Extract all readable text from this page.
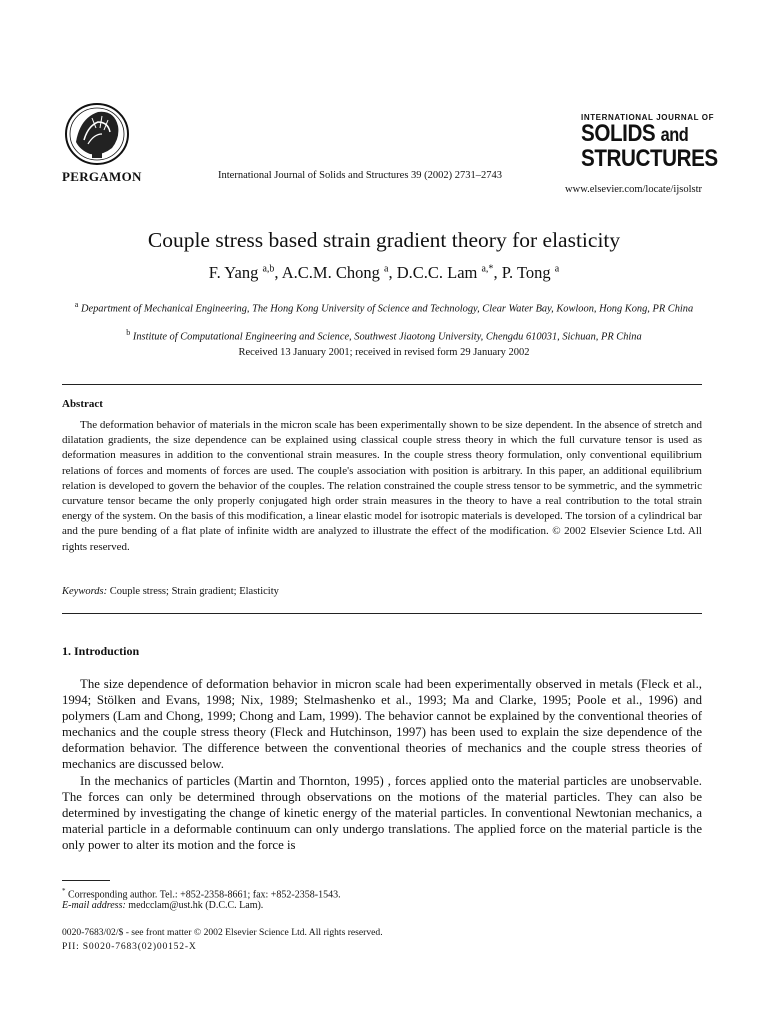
PERGAMON	International Journal of Solids and Structures 39 (2002) 2731–2743
INTERNATIONAL JOURNAL OF
SOLIDS and
STRUCTURES
www.elsevier.com/locate/ijsolstr
Couple stress based strain gradient theory for elasticity
F. Yang $^{a,b}$, A.C.M. Chong $^a$, D.C.C. Lam $^{a,*}$, P. Tong $^a$
$^a$ Department of Mechanical Engineering, The Hong Kong University of Science and Technology, Clear Water Bay, Kowloon, Hong Kong, PR China
$^b$ Institute of Computational Engineering and Science, Southwest Jiaotong University, Chengdu 610031, Sichuan, PR China
Received 13 January 2001; received in revised form 29 January 2002
Abstract
The deformation behavior of materials in the micron scale has been experimentally shown to be size dependent. In the absence of stretch and dilatation gradients, the size dependence can be explained using classical couple stress theory in which the full curvature tensor is used as deformation measures in addition to the conventional strain measures. In the couple stress theory formulation, only conventional equilibrium relations of forces and moments of forces are used. The couple's association with position is arbitrary. In this paper, an additional equilibrium relation is developed to govern the behavior of the couples. The relation constrained the couple stress tensor to be symmetric, and the symmetric curvature tensor became the only properly conjugated high order strain measures in the theory to have a real contribution to the total strain energy of the system. On the basis of this modification, a linear elastic model for isotropic materials is developed. The torsion of a cylindrical bar and the pure bending of a flat plate of infinite width are analyzed to illustrate the effect of the modification. © 2002 Elsevier Science Ltd. All rights reserved.
Keywords: Couple stress; Strain gradient; Elasticity
1. Introduction
The size dependence of deformation behavior in micron scale had been experimentally observed in metals (Fleck et al., 1994; Stölken and Evans, 1998; Nix, 1989; Stelmashenko et al., 1993; Ma and Clarke, 1995; Poole et al., 1996) and polymers (Lam and Chong, 1999; Chong and Lam, 1999). The behavior cannot be explained by the conventional theories of mechanics and the couple stress theory (Fleck and Hutchinson, 1997) has been used to explain the size dependence of the deformation behavior. The difference between the conventional theories of mechanics and the couple stress theories of mechanics are discussed below.
In the mechanics of particles (Martin and Thornton, 1995) , forces applied onto the material particles are unobservable. The forces can only be determined through observations on the motions of the material particles. They can also be determined by investigating the change of kinetic energy of the material particles. In conventional Newtonian mechanics, a material particle in a deformable continuum can only undergo translations. The applied force on the material particle is the only power to alter its motion and the force is
* Corresponding author. Tel.: +852-2358-8661; fax: +852-2358-1543.
E-mail address: medcclam@ust.hk (D.C.C. Lam).
0020-7683/02/$ - see front matter © 2002 Elsevier Science Ltd. All rights reserved.
PII: S0020-7683(02)00152-X
